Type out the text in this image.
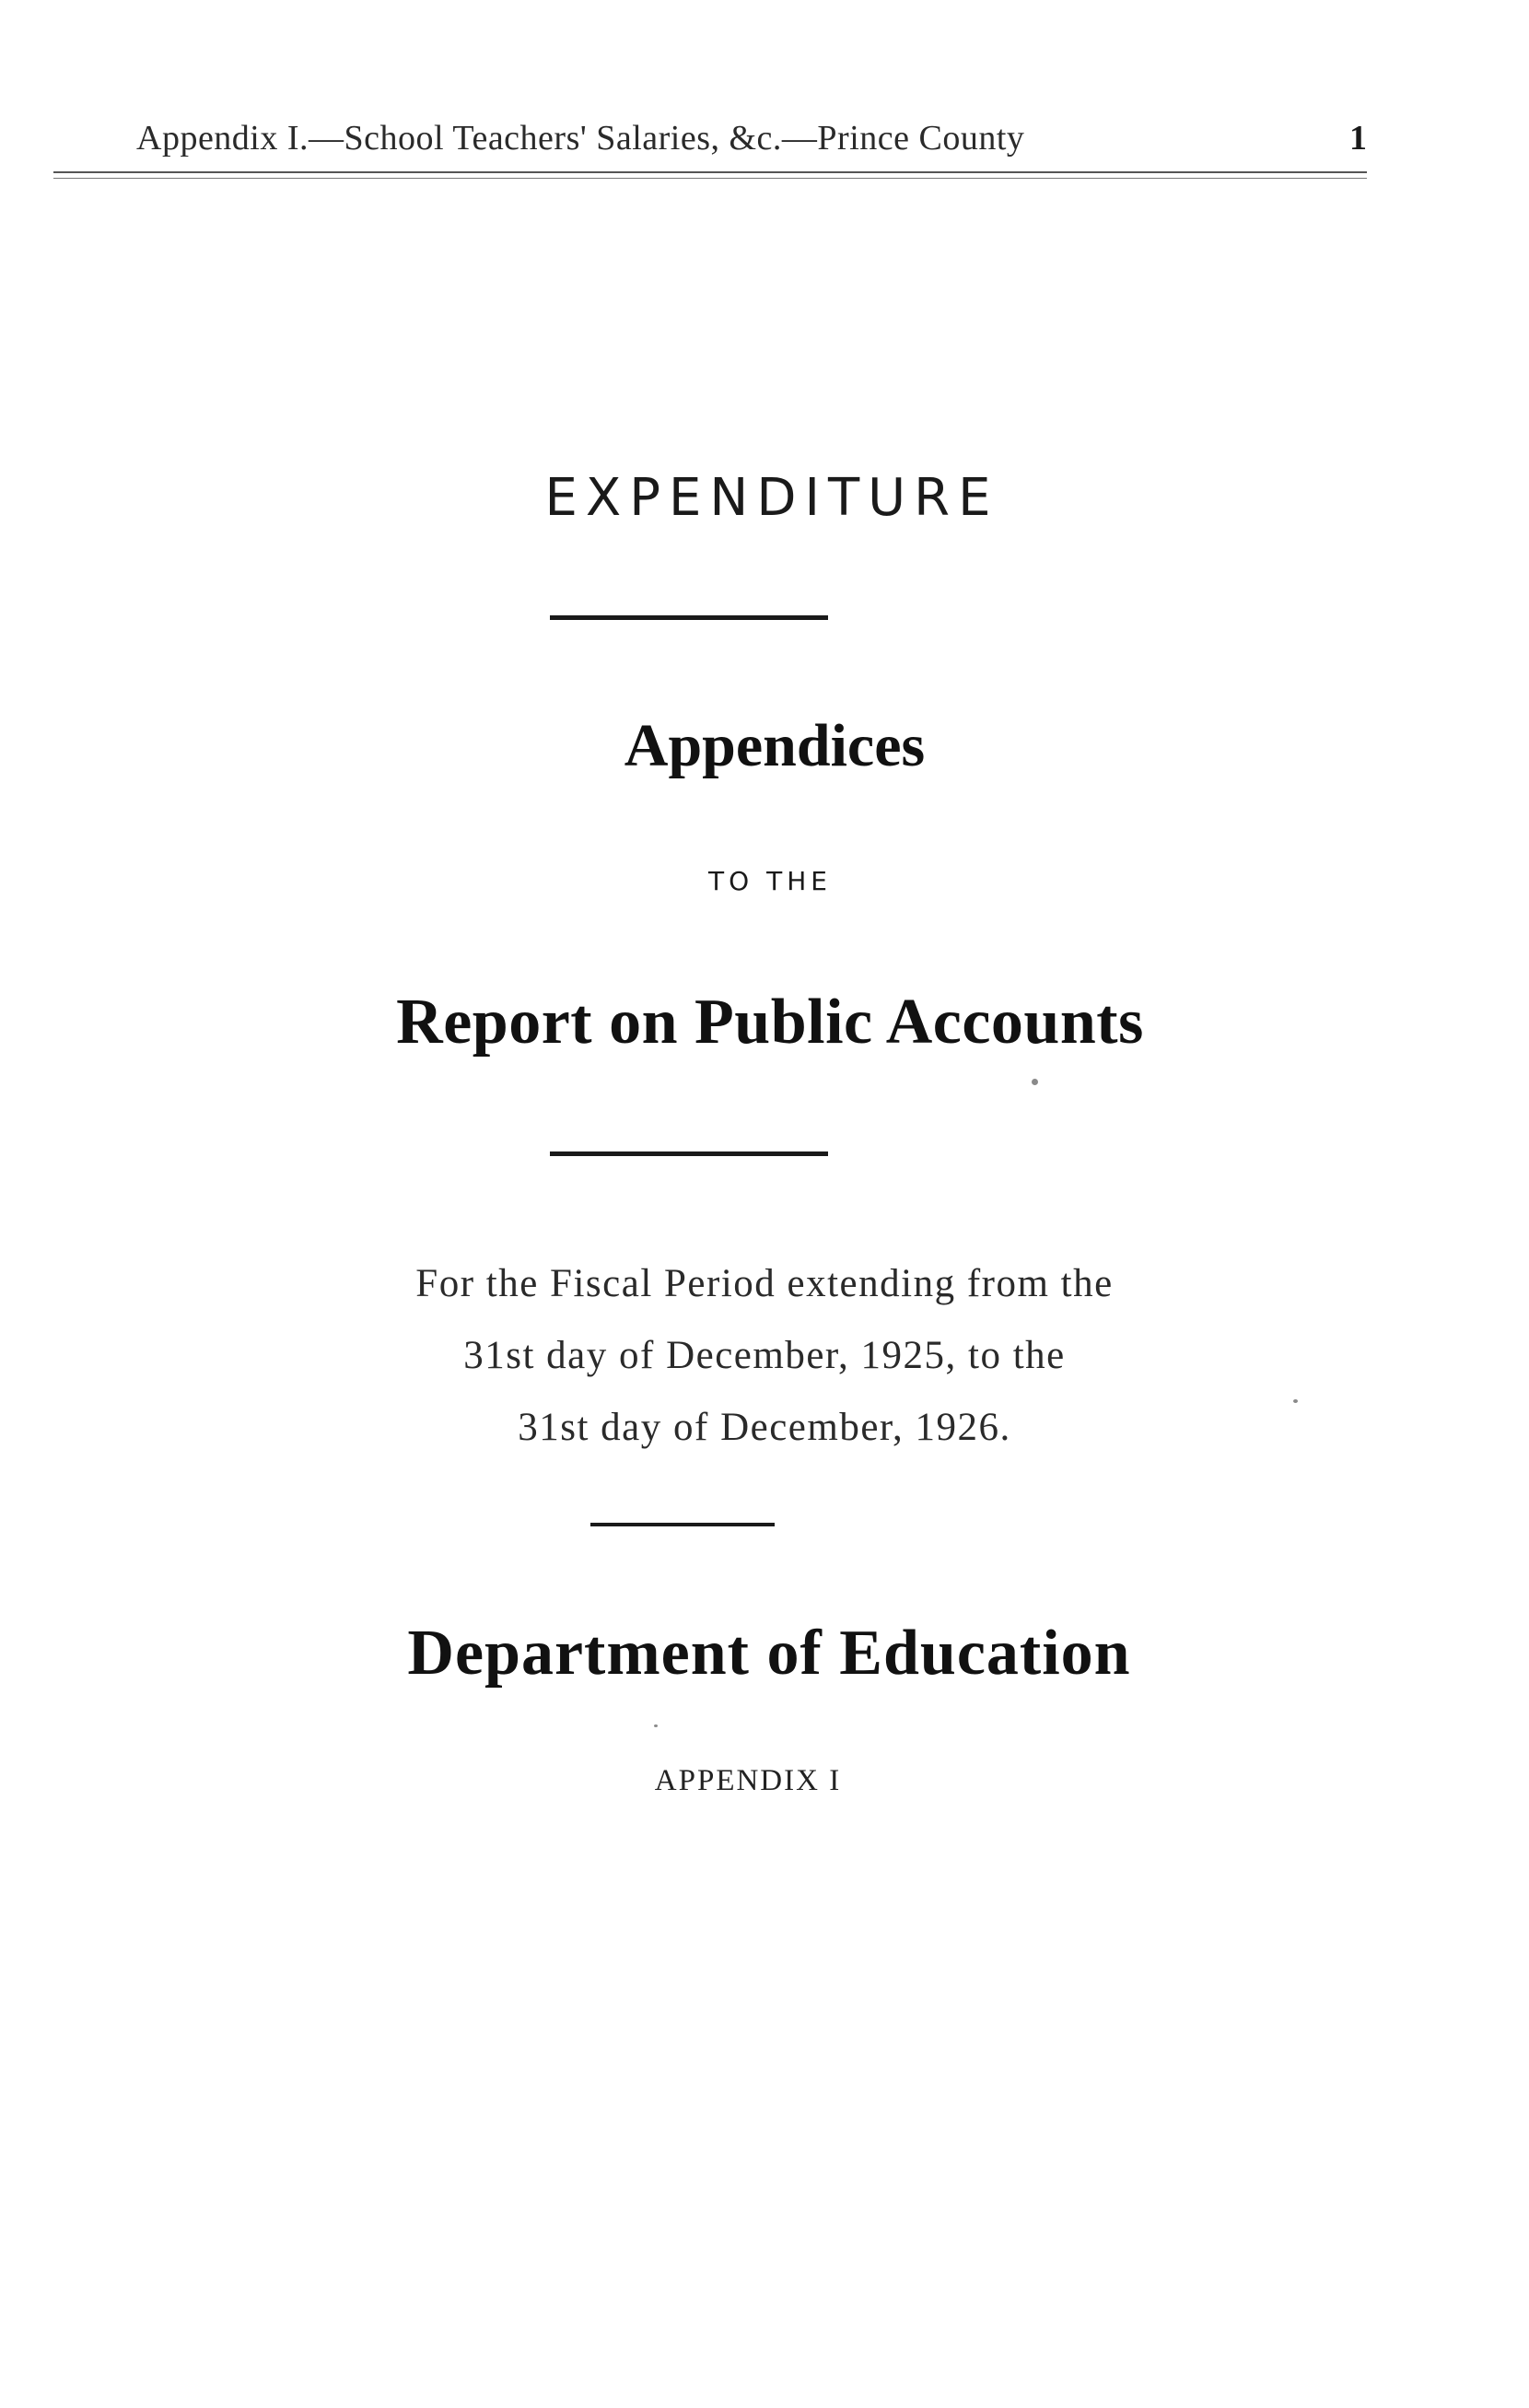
Appendix I.—School Teachers' Salaries, &c.—Prince County	1
EXPENDITURE
Appendices
TO THE
Report on Public Accounts
For the Fiscal Period extending from the
31st day of December, 1925, to the
31st day of December, 1926.
Department of Education
APPENDIX I
